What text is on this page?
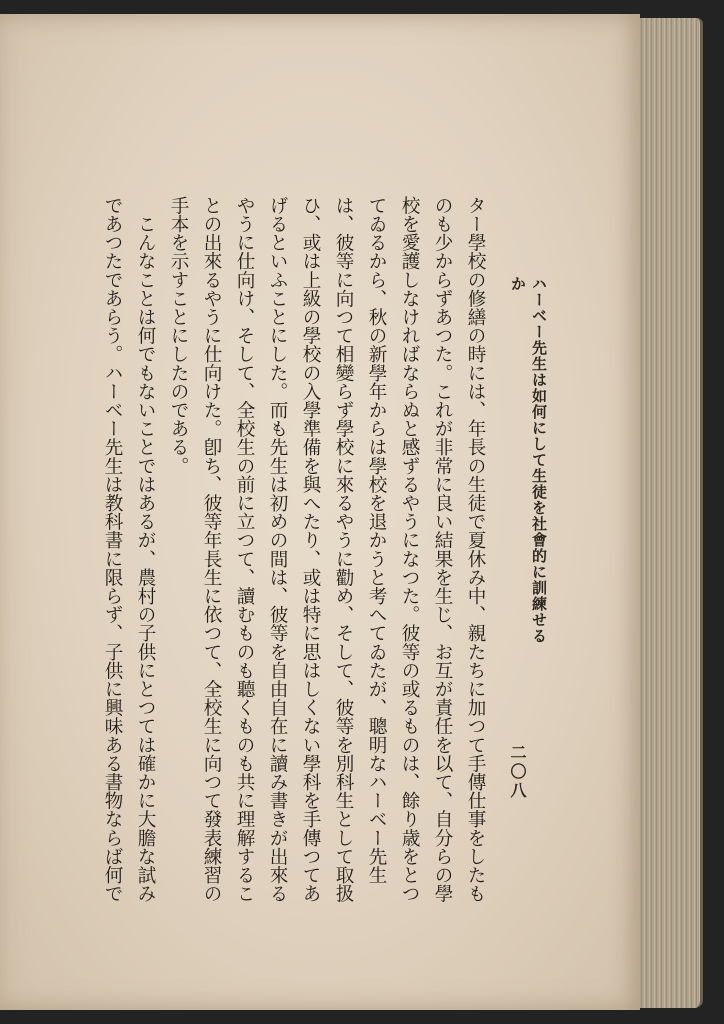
ハーベー先生は如何にして生徒を社會的に訓練せるか
二〇八
ター學校の修繕の時には、年長の生徒で夏休み中、親たちに加つて手傳仕事をしたも
のも少からずあつた。これが非常に良い結果を生じ、お互が責任を以て、自分らの學
校を愛護しなければならぬと感ずるやうになつた。彼等の或るものは、餘り歳をとつ
てゐるから、秋の新學年からは學校を退かうと考へてゐたが、聰明なハーベー先生
は、彼等に向つて相變らず學校に來るやうに勸め、そして、彼等を別科生として取扱
ひ、或は上級の學校の入學準備を與へたり、或は特に思はしくない學科を手傳つてあ
げるといふことにした。而も先生は初めの間は、彼等を自由自在に讀み書きが出來る
やうに仕向け、そして、全校生の前に立つて、讀むものも聽くものも共に理解するこ
との出來るやうに仕向けた。卽ち、彼等年長生に依つて、全校生に向つて發表練習の
手本を示すことにしたのである。
　こんなことは何でもないことではあるが、農村の子供にとつては確かに大膽な試み
であつたであらう。ハーベー先生は教科書に限らず、子供に興味ある書物ならば何で
